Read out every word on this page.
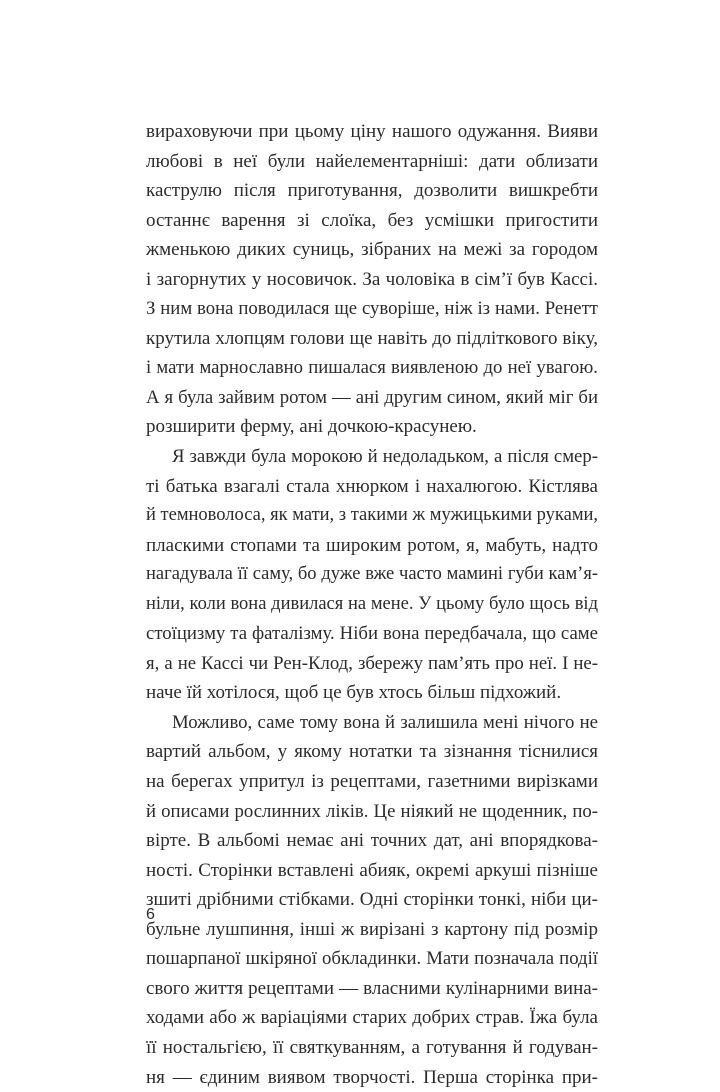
вираховуючи при цьому ціну нашого одужання. Вияви
любові в неї були найелементарніші: дати облизати
каструлю після приготування, дозволити вишкребти
останнє варення зі слоїка, без усмішки пригостити
жменькою диких суниць, зібраних на межі за городом
і загорнутих у носовичок. За чоловіка в сім’ї був Кассі.
З ним вона поводилася ще суворіше, ніж із нами. Ренетт
крутила хлопцям голови ще навіть до підліткового віку,
і мати марнославно пишалася виявленою до неї увагою.
А я була зайвим ротом — ані другим сином, який міг би
розширити ферму, ані дочкою-красунею.
Я завжди була морокою й недоладьком, а після смер-
ті батька взагалі стала хнюрком і нахалюгою. Кістлява
й темноволоса, як мати, з такими ж мужицькими руками,
пласкими стопами та широким ротом, я, мабуть, надто
нагадувала її саму, бо дуже вже часто мамині губи кам’я-
ніли, коли вона дивилася на мене. У цьому було щось від
стоїцизму та фаталізму. Ніби вона передбачала, що саме
я, а не Кассі чи Рен-Клод, збережу пам’ять про неї. І не-
наче їй хотілося, щоб це був хтось більш підхожий.
Можливо, саме тому вона й залишила мені нічого не
вартий альбом, у якому нотатки та зізнання тіснилися
на берегах упритул із рецептами, газетними вирізками
й описами рослинних ліків. Це ніякий не щоденник, по-
вірте. В альбомі немає ані точних дат, ані впорядкова-
ності. Сторінки вставлені абияк, окремі аркуші пізніше
зшиті дрібними стібками. Одні сторінки тонкі, ніби ци-
бульне лушпиння, інші ж вирізані з картону під розмір
пошарпаної шкіряної обкладинки. Мати позначала події
свого життя рецептами — власними кулінарними вина-
ходами або ж варіаціями старих добрих страв. Їжа була
її ностальгією, її святкуванням, а готування й годуван-
ня — єдиним виявом творчості. Перша сторінка при-
6
